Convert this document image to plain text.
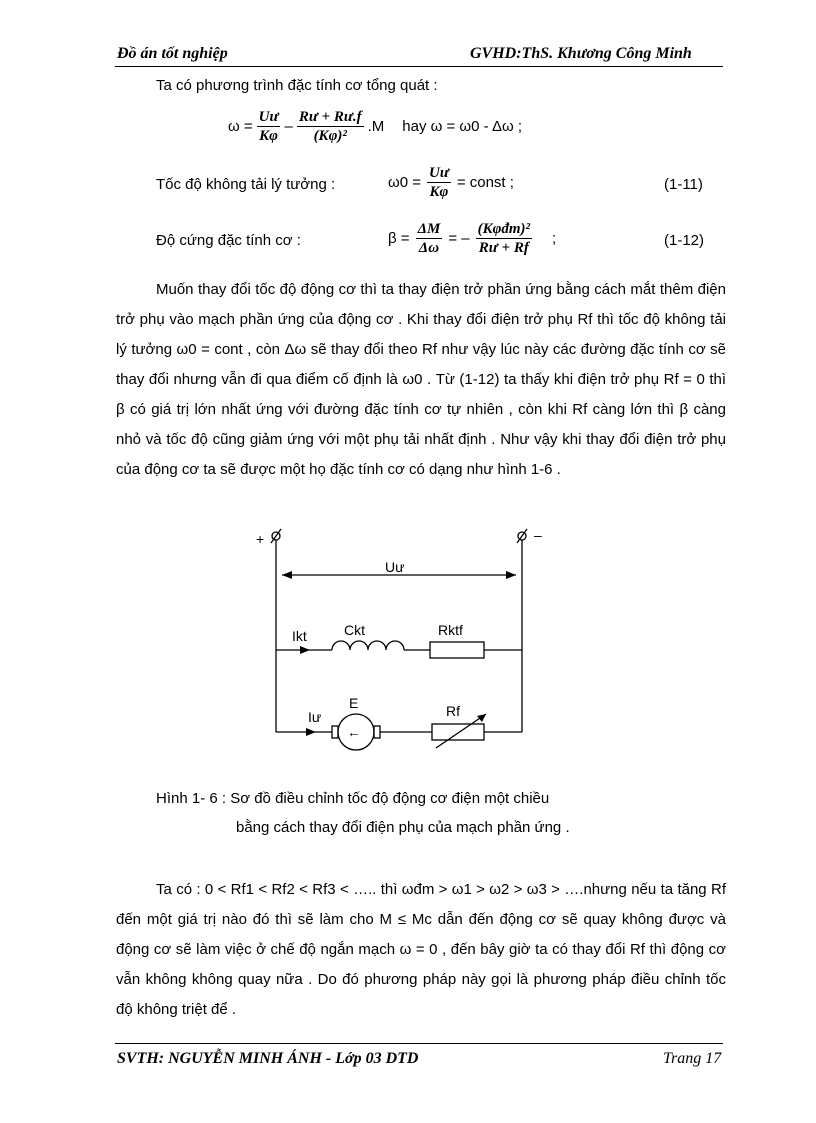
Đồ án tốt nghiệp	GVHD:ThS. Khương Công Minh
Ta có phương trình đặc tính cơ tổng quát :
$\omega = \frac{Uư}{K\varphi} - \frac{Rư + Rư.f}{\text{(Kφ)²}} .M$ hay ω = ω0 - Δω ;
Tốc độ không tải lý tưởng :	$\omega 0 = \frac{Uư}{K\varphi}$ = const ;	(1-11)
Độ cứng đặc tính cơ :	$\beta = \frac{\Delta M}{\Delta\omega}$ = – $\frac{\text{(Kφđm)²}}{Rư + Rf}$ ;	(1-12)
Muốn thay đổi tốc độ động cơ thì ta thay điện trở phần ứng bằng cách mắt thêm điện trở phụ vào mạch phần ứng của động cơ . Khi thay đổi điện trở phụ Rf thì tốc độ không tải lý tưởng ω0 = cont , còn Δω sẽ thay đổi theo Rf như vậy lúc này các đường đặc tính cơ sẽ thay đổi nhưng vẫn đi qua điểm cố định là ω0 . Từ (1-12) ta thấy khi điện trở phụ Rf = 0 thì β có giá trị lớn nhất ứng với đường đặc tính cơ tự nhiên , còn khi Rf càng lớn thì β càng nhỏ và tốc độ cũng giảm ứng với một phụ tải nhất định . Như vậy khi thay đổi điện trở phụ của động cơ ta sẽ được một họ đặc tính cơ có dạng như hình 1-6 .
+	–
Uư
Ikt	Ckt	Rktf
Iư
E
←
Rf
Hình 1- 6 : Sơ đồ điều chỉnh tốc độ động cơ điện một chiều
bằng cách thay đổi điện phụ của mạch phần ứng .
Ta có : 0 < Rf1 < Rf2 < Rf3 < ….. thì ωđm > ω1 > ω2 > ω3 > ….nhưng nếu ta tăng Rf đến một giá trị nào đó thì sẽ làm cho M ≤ Mc dẫn đến động cơ sẽ quay không được và động cơ sẽ làm việc ở chế độ ngắn mạch ω = 0 , đến bây giờ ta có thay đổi Rf thì động cơ vẫn không không quay nữa . Do đó phương pháp này gọi là phương pháp điều chỉnh tốc độ không triệt để .
SVTH: NGUYỄN MINH ÁNH - Lớp 03 DTD	Trang 17
